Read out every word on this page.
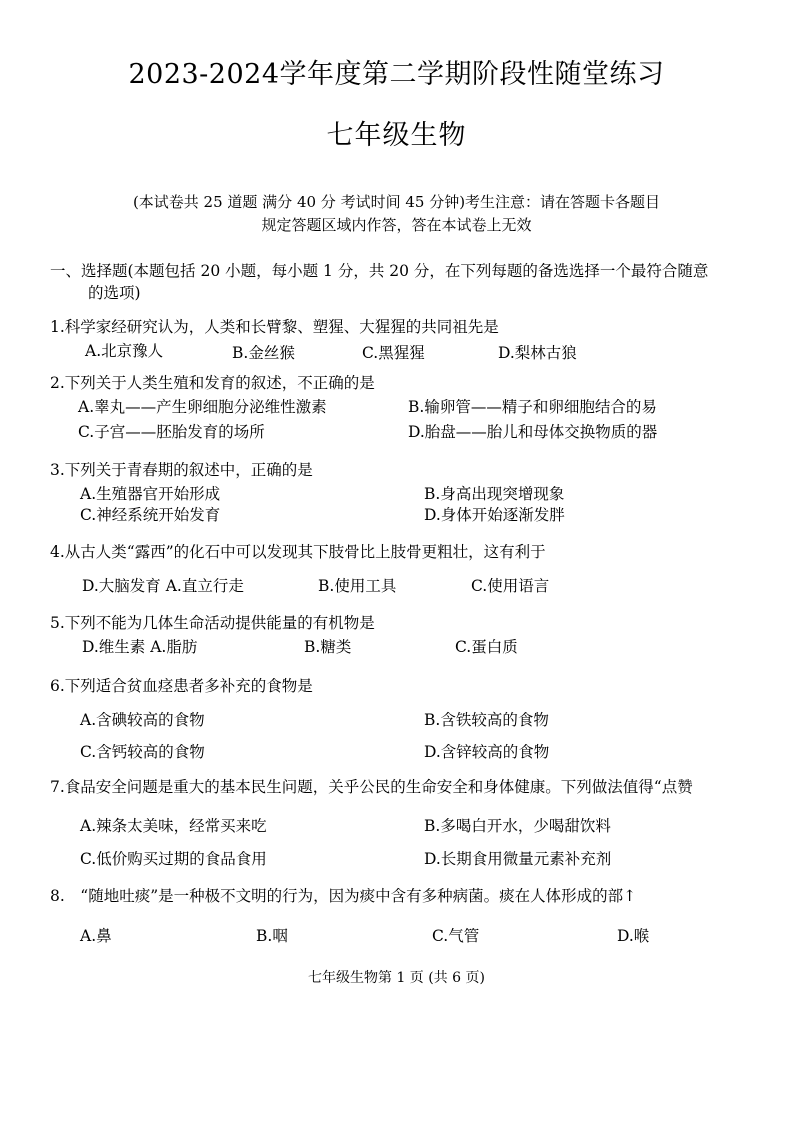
2023-2024学年度第二学期阶段性随堂练习
七年级生物
(本试卷共 25 道题 满分 40 分 考试时间 45 分钟)考生注意：请在答题卡各题目
规定答题区域内作答，答在本试卷上无效
一、选择题(本题包括 20 小题，每小题 1 分，共 20 分，在下列每题的备选选择一个最符合随意
的选项)
1.科学家经研究认为，人类和长臂黎、塑猩、大猩猩的共同祖先是
A.北京豫人	B.金丝猴	C.黑猩猩	D.梨林古狼
2.下列关于人类生殖和发育的叙述，不正确的是
A.睾丸——产生卵细胞分泌维性激素	B.输卵管——精子和卵细胞结合的易
C.子宫——胚胎发育的场所	D.胎盘——胎儿和母体交换物质的器
3.下列关于青春期的叙述中，正确的是
A.生殖器官开始形成	B.身高出现突增现象
C.神经系统开始发育	D.身体开始逐渐发胖
4.从古人类“露西”的化石中可以发现其下肢骨比上肢骨更粗壮，这有利于
D.大脑发育 A.直立行走	B.使用工具	C.使用语言
5.下列不能为几体生命活动提供能量的有机物是
D.维生素 A.脂肪	B.糖类	C.蛋白质
6.下列适合贫血痉患者多补充的食物是
A.含碘较高的食物	B.含铁较高的食物
C.含钙较高的食物	D.含锌较高的食物
7.食品安全问题是重大的基本民生问题，关乎公民的生命安全和身体健康。下列做法值得“点赞
A.辣条太美味，经常买来吃	B.多喝白开水，少喝甜饮料
C.低价购买过期的食品食用	D.长期食用微量元素补充剂
8.　“随地吐痰”是一种极不文明的行为，因为痰中含有多种病菌。痰在人体形成的部↑
A.鼻	B.咽	C.气管	D.喉
七年级生物第 1 页 (共 6 页)
